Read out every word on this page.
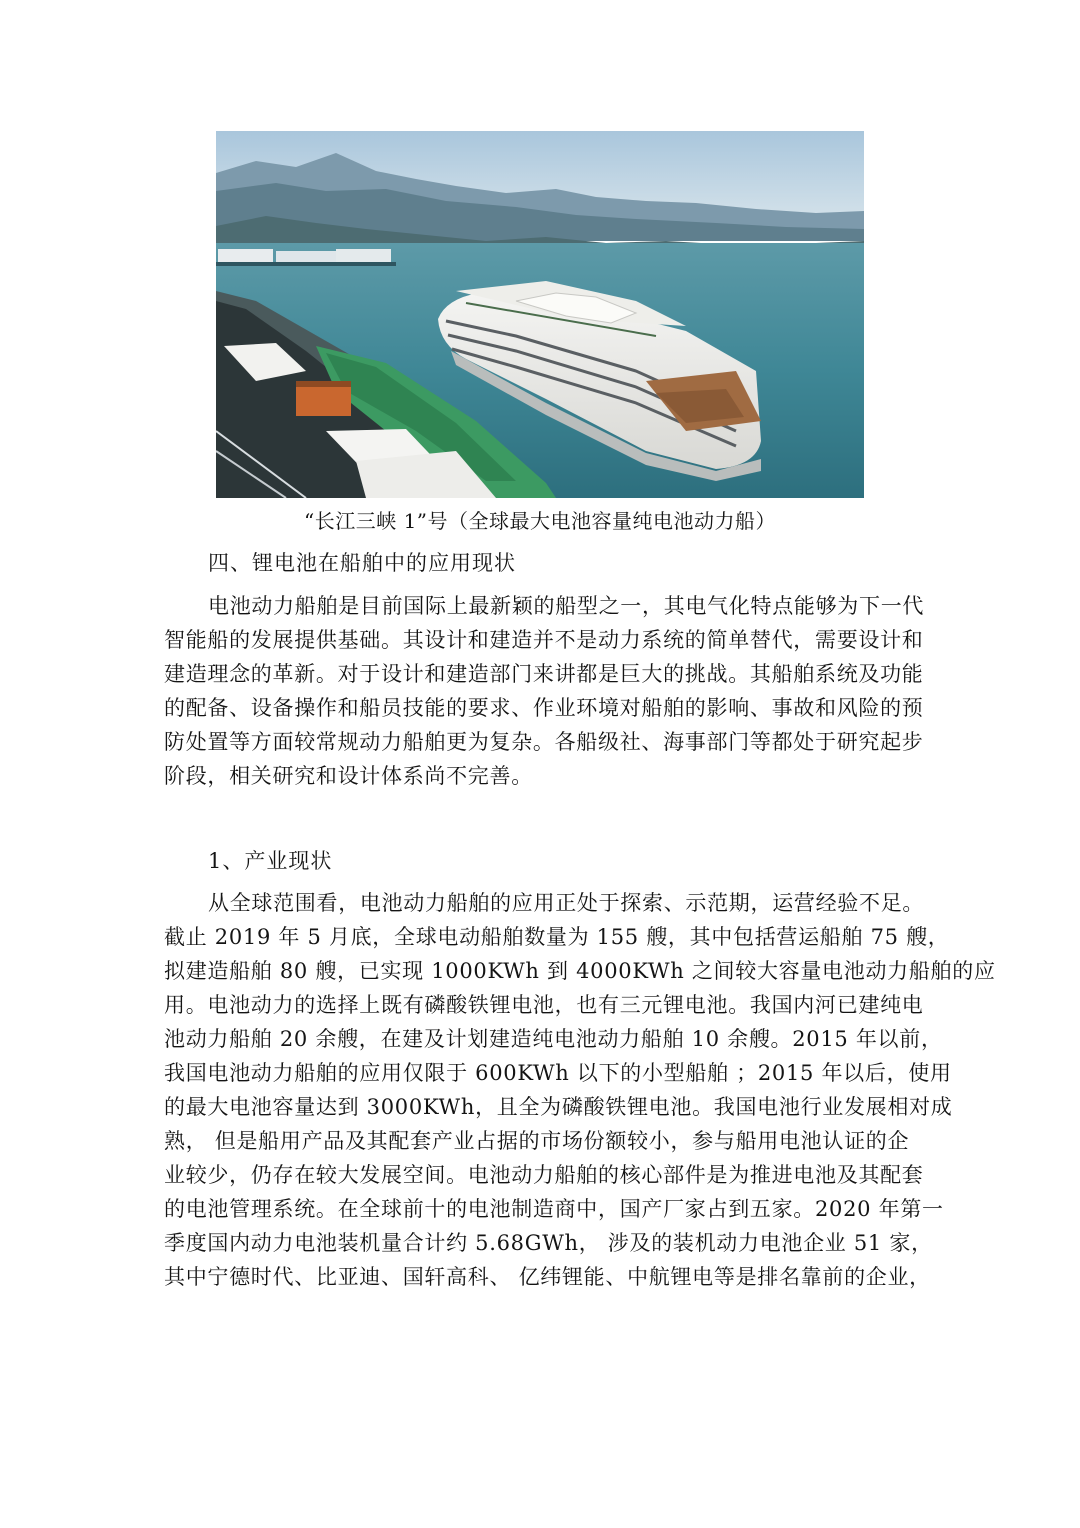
“长江三峡 1”号（全球最大电池容量纯电池动力船）
四、锂电池在船舶中的应用现状
电池动力船舶是目前国际上最新颖的船型之一，其电气化特点能够为下一代
智能船的发展提供基础。其设计和建造并不是动力系统的简单替代，需要设计和
建造理念的革新。对于设计和建造部门来讲都是巨大的挑战。其船舶系统及功能
的配备、设备操作和船员技能的要求、作业环境对船舶的影响、事故和风险的预
防处置等方面较常规动力船舶更为复杂。各船级社、海事部门等都处于研究起步
阶段，相关研究和设计体系尚不完善。
1、产业现状
从全球范围看，电池动力船舶的应用正处于探索、示范期，运营经验不足。
截止 2019 年 5 月底，全球电动船舶数量为 155 艘，其中包括营运船舶 75 艘，
拟建造船舶 80 艘，已实现 1000KWh 到 4000KWh 之间较大容量电池动力船舶的应
用。电池动力的选择上既有磷酸铁锂电池，也有三元锂电池。我国内河已建纯电
池动力船舶 20 余艘，在建及计划建造纯电池动力船舶 10 余艘。2015 年以前，
我国电池动力船舶的应用仅限于 600KWh 以下的小型船舶 ；2015 年以后，使用
的最大电池容量达到 3000KWh，且全为磷酸铁锂电池。我国电池行业发展相对成
熟， 但是船用产品及其配套产业占据的市场份额较小，参与船用电池认证的企
业较少，仍存在较大发展空间。电池动力船舶的核心部件是为推进电池及其配套
的电池管理系统。在全球前十的电池制造商中，国产厂家占到五家。2020 年第一
季度国内动力电池装机量合计约 5.68GWh， 涉及的装机动力电池企业 51 家，
其中宁德时代、比亚迪、国轩高科、 亿纬锂能、中航锂电等是排名靠前的企业，
